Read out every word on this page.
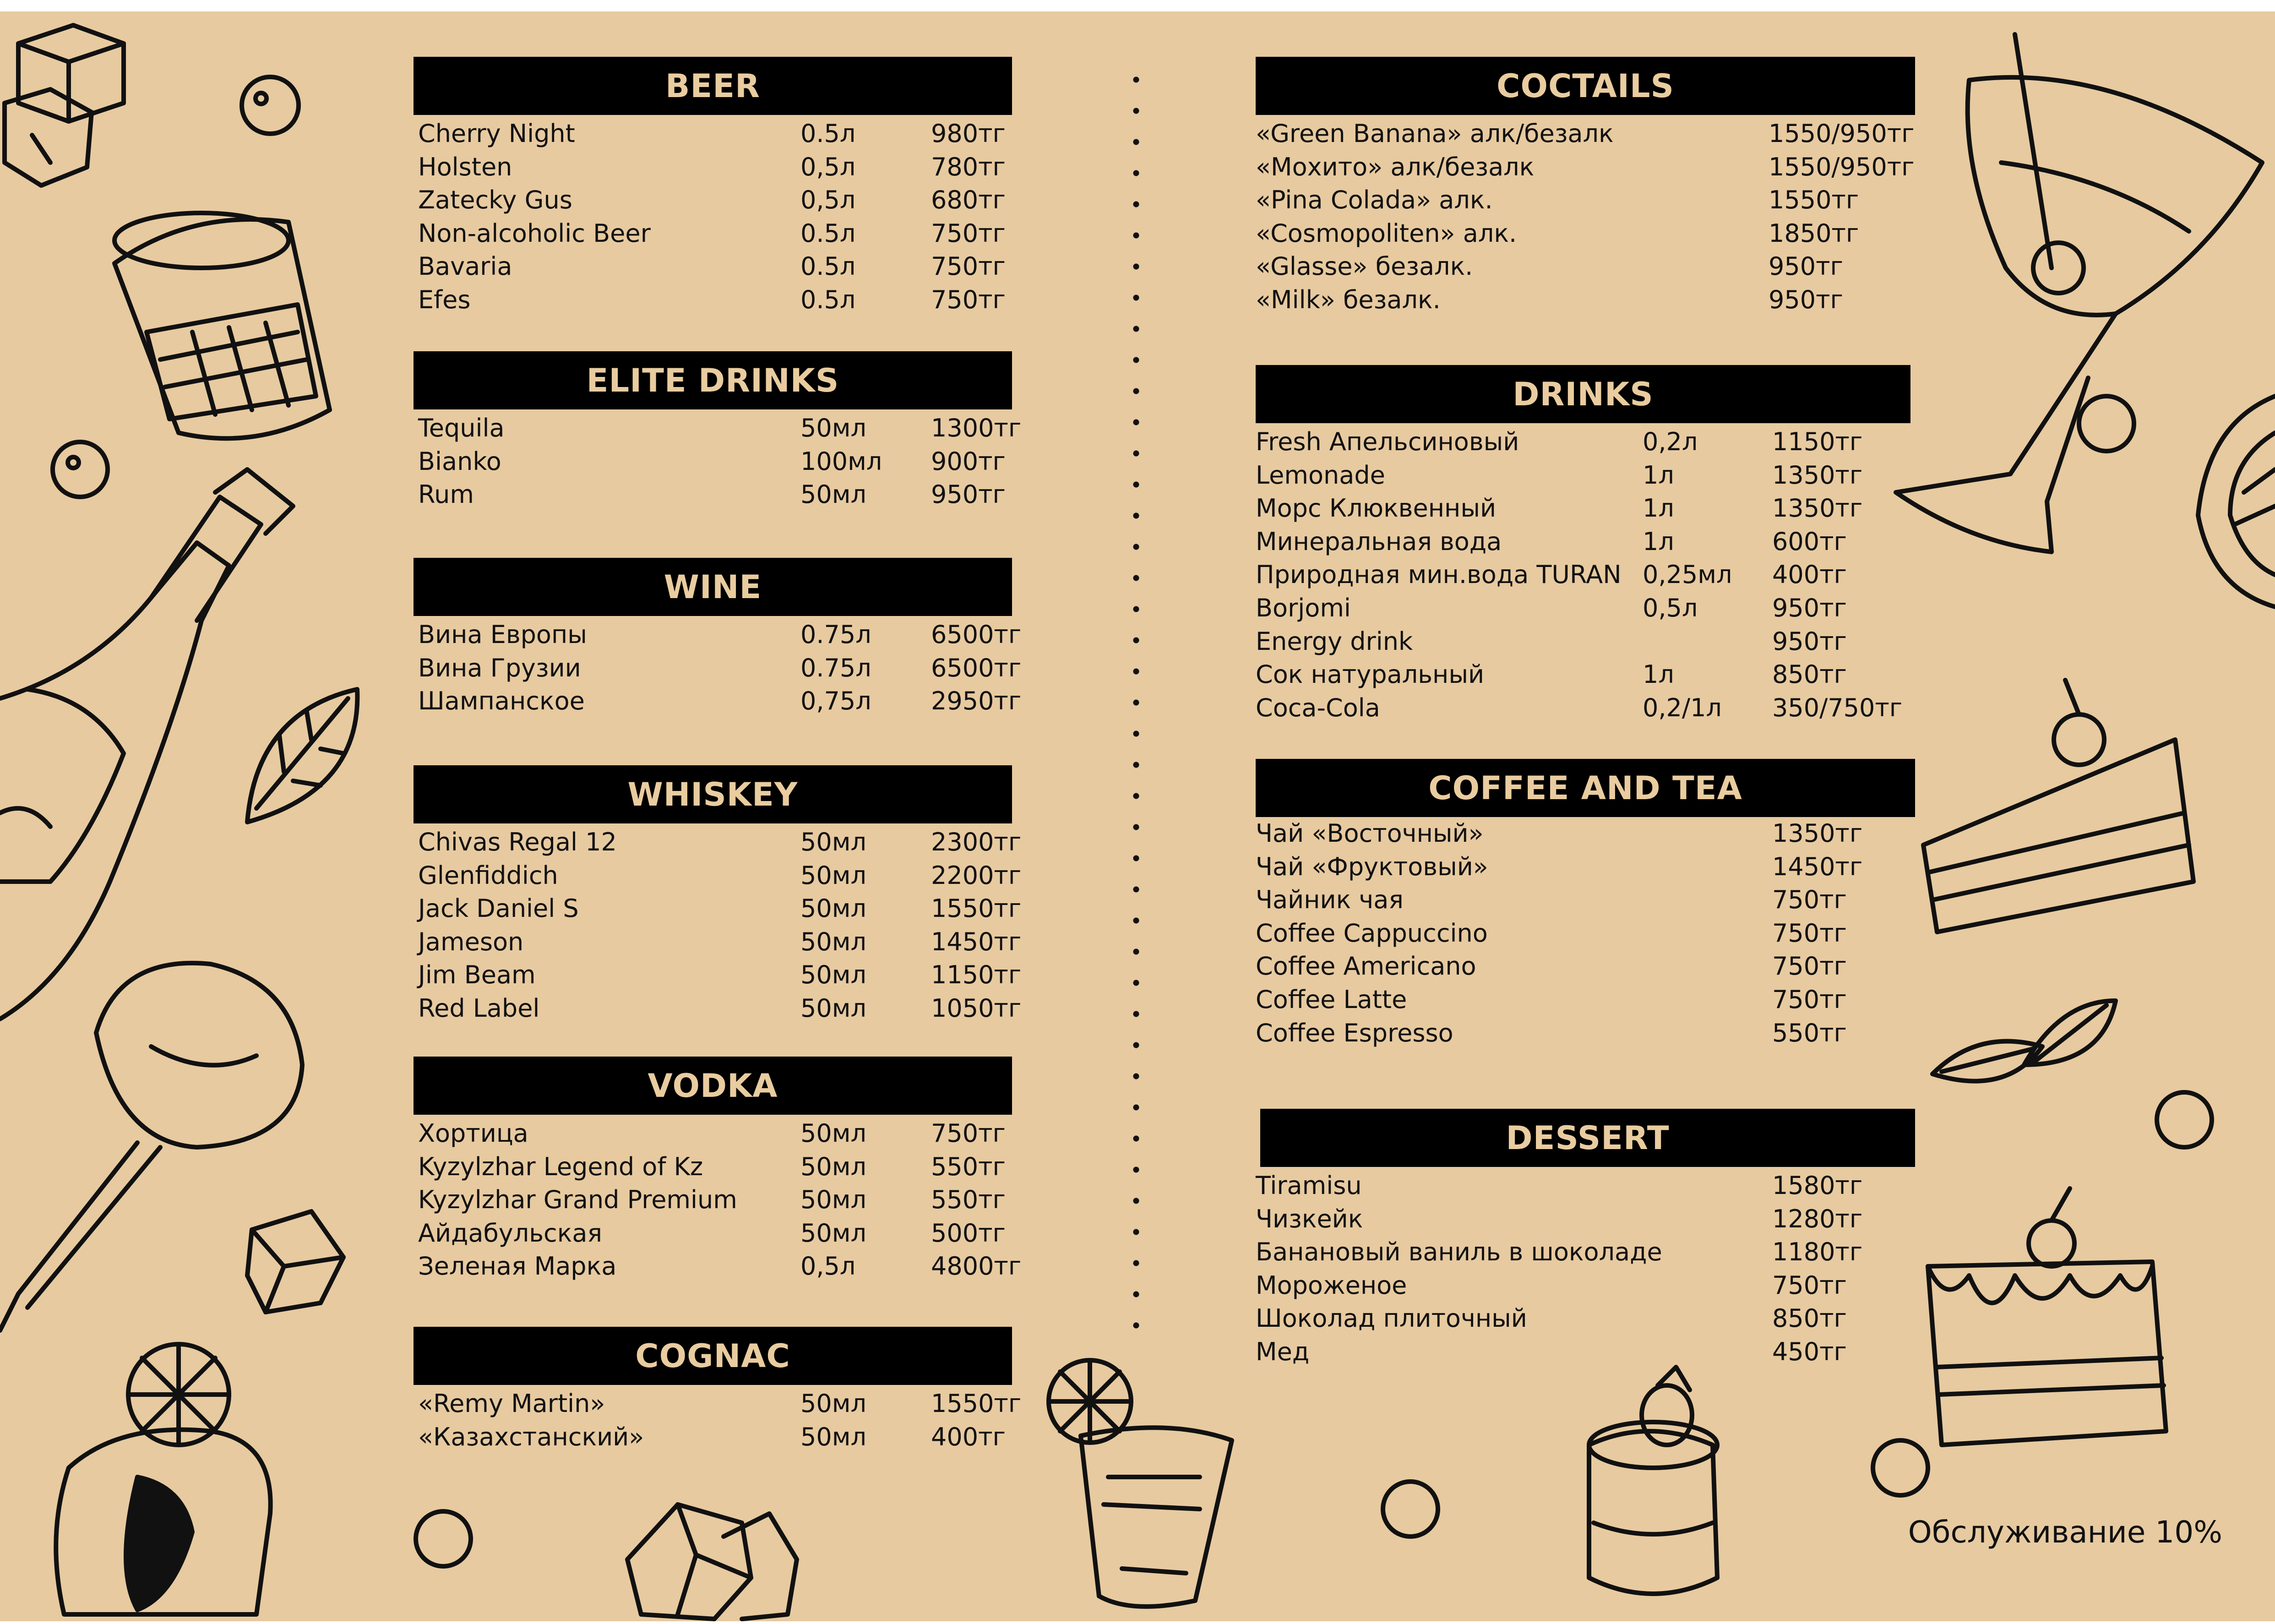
BEER
Cherry Night	0.5л	980тг
Holsten	0,5л	780тг
Zatecky Gus	0,5л	680тг
Non-alcoholic Beer	0.5л	750тг
Bavaria	0.5л	750тг
Efes	0.5л	750тг
ELITE DRINKS
Tequila	50мл	1300тг
Bianko	100мл 900тг
Rum	50мл	950тг
WINE
Вина Европы	0.75л 6500тг
Вина Грузии	0.75л 6500тг
Шампанское	0,75л 2950тг
WHISKEY
Chivas Regal 12	50мл	2300тг
Glenfiddich	50мл	2200тг
Jack Daniel S	50мл	1550тг
Jameson	50мл	1450тг
Jim Beam	50мл	1150тг
Red Label	50мл	1050тг
VODKA
Хортица	50мл	750тг
Kyzylzhar Legend of Kz	50мл	550тг
Kyzylzhar Grand Premium	50мл	550тг
Айдабульская	50мл	500тг
Зеленая Марка	0,5л	4800тг
COGNAC
«Remy Martin»	50мл	1550тг
«Казахстанский»	50мл	400тг
COCTAILS
«Green Banana» алк/безалк	1550/950тг
«Мохито» алк/безалк	1550/950тг
«Pina Colada» алк.	1550тг
«Cosmopoliten» алк.	1850тг
«Glasse» безалк.	950тг
«Milk» безалк.	950тг
DRINKS
Fresh Апельсиновый	0,2л	1150тг
Lemonade	1л	1350тг
Морс Клюквенный	1л	1350тг
Минеральная вода	1л	600тг
Природная мин.вода TURAN 0,25мл 400тг
Borjomi	0,5л	950тг
Energy drink	950тг
Сок натуральный	1л	850тг
Coca-Cola	0,2/1л 350/750тг
COFFEE AND TEA
Чай «Восточный»	1350тг
Чай «Фруктовый»	1450тг
Чайник чая	750тг
Coffee Cappuccino	750тг
Coffee Americano	750тг
Coffee Latte	750тг
Coffee Espresso	550тг
DESSERT
Tiramisu	1580тг
Чизкейк	1280тг
Банановый ваниль в шоколаде	1180тг
Мороженое	750тг
Шоколад плиточный	850тг
Мед	450тг
Обслуживание 10%
